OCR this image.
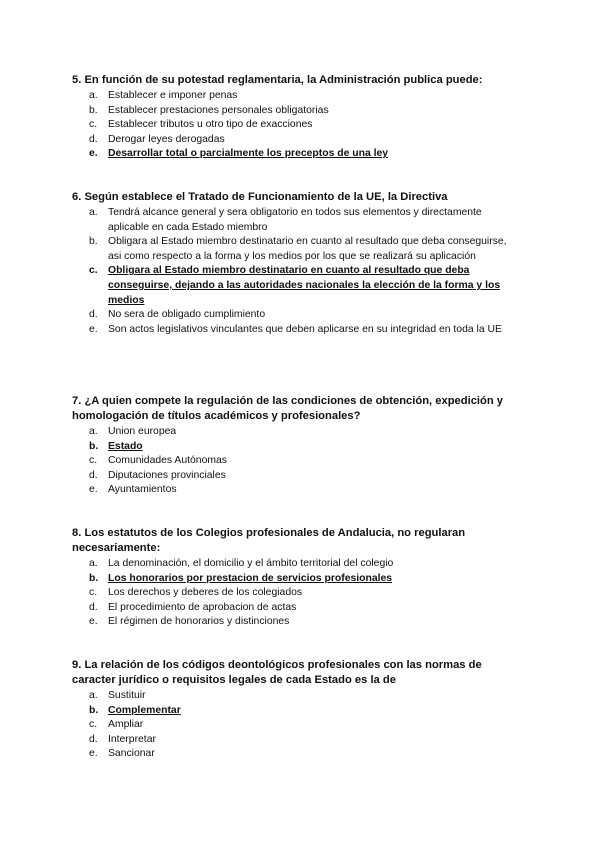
5. En función de su potestad reglamentaria, la Administración publica puede:

a. Establecer e imponer penas
b. Establecer prestaciones personales obligatorias
c.	Establecer tributos u otro tipo de exacciones
d. Derogar leyes derogadas
e. Desarrollar total o parcialmente los preceptos de una ley

6. Según establece el Tratado de Funcionamiento de la UE, la Directiva

a. Tendrá alcance general y sera obligatorio en todos sus elementos y directamente aplicable en cada Estado miembro
b. Obligara al Estado miembro destinatario en cuanto al resultado que deba conseguirse, asi como respecto a la forma y los medios por los que se realizará su aplicación
c. Obligara al Estado miembro destinatario en cuanto al resultado que deba conseguirse, dejando a las autoridades nacionales la elección de la forma y los medios
d. No sera de obligado cumplimiento
e. Son actos legislativos vinculantes que deben aplicarse en su integridad en toda la UE

7. ¿A quien compete la regulación de las condiciones de obtención, expedición y homologación de títulos académicos y profesionales?

a. Union europea
b. Estado
c.	Comunidades Autónomas
d. Diputaciones provinciales
e. Ayuntamientos

8. Los estatutos de los Colegios profesionales de Andalucia, no regularan necesariamente:

a. La denominación, el domicilio y el ámbito territorial del colegio
b. Los honorarios por prestacion de servicios profesionales
c.	Los derechos y deberes de los colegiados
d. El procedimiento de aprobacion de actas
e. El régimen de honorarios y distinciones

9. La relación de los códigos deontológicos profesionales con las normas de caracter jurídico o requisitos legales de cada Estado es la de

a. Sustituir
b. Complementar
c.	Ampliar
d. Interpretar
e. Sancionar
